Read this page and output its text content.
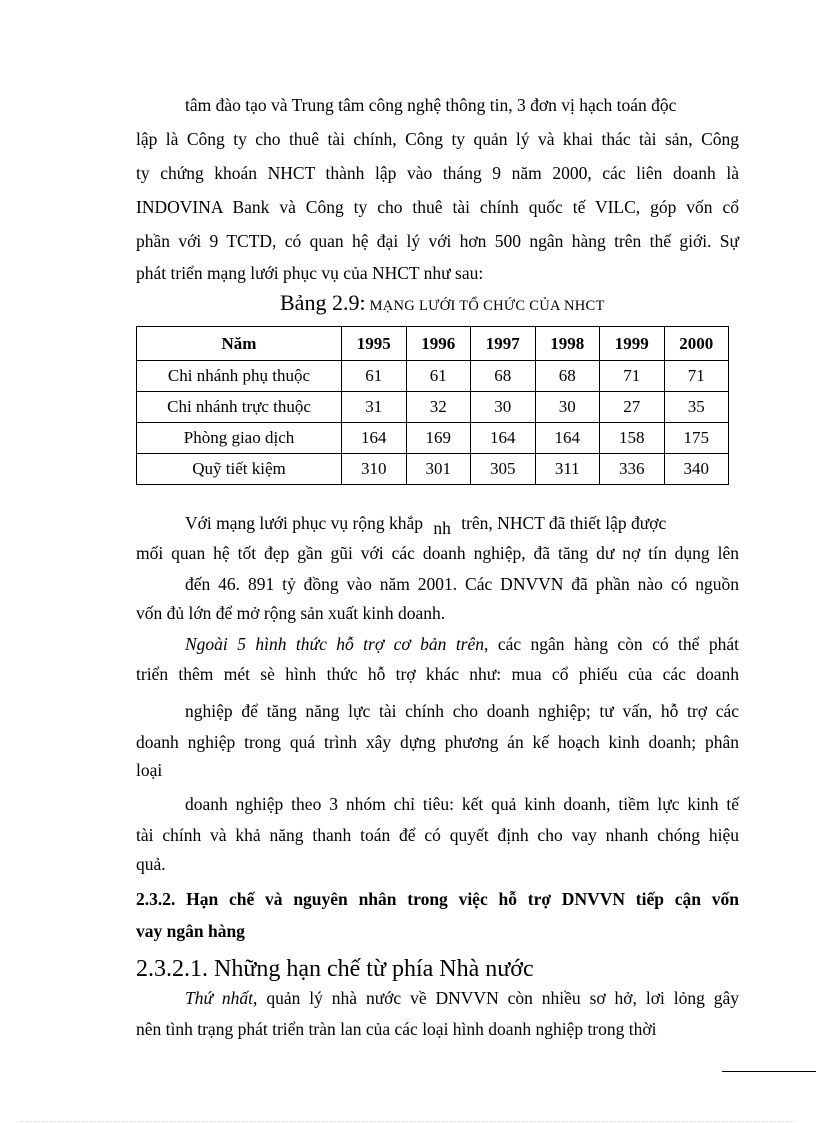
tâm đào tạo và Trung tâm công nghệ thông tin, 3 đơn vị hạch toán độc
lập là Công ty cho thuê tài chính, Công ty quản lý và khai thác tài sản, Công
ty chứng khoán NHCT thành lập vào tháng 9 năm 2000, các liên doanh là
INDOVINA Bank và Công ty cho thuê tài chính quốc tế VILC, góp vốn cổ
phần với 9 TCTD, có quan hệ đại lý với hơn 500 ngân hàng trên thế giới. Sự
phát triển mạng lưới phục vụ của NHCT như sau:
Bảng 2.9: MẠNG LƯỚI TỔ CHỨC CỦA NHCT
Năm	1995	1996	1997	1998	1999	2000
Chi nhánh phụ thuộc	61	61	68	68	71	71
Chi nhánh trực thuộc	31	32	30	30	27	35
Phòng giao dịch	164	169	164	164	158	175
Quỹ tiết kiệm	310	301	305	311	336	340
Với mạng lưới phục vụ rộng khắp nh trên, NHCT đã thiết lập được
mối quan hệ tốt đẹp gần gũi với các doanh nghiệp, đã tăng dư nợ tín dụng lên
đến 46. 891 tỷ đồng vào năm 2001. Các DNVVN đã phần nào có nguồn
vốn đủ lớn để mở rộng sản xuất kinh doanh.
Ngoài 5 hình thức hỗ trợ cơ bản trên, các ngân hàng còn có thể phát
triển thêm mét sè hình thức hỗ trợ khác như: mua cổ phiếu của các doanh
nghiệp để tăng năng lực tài chính cho doanh nghiệp; tư vấn, hỗ trợ các
doanh nghiệp trong quá trình xây dựng phương án kế hoạch kinh doanh; phân
loại
doanh nghiệp theo 3 nhóm chỉ tiêu: kết quả kinh doanh, tiềm lực kinh tế
tài chính và khả năng thanh toán để có quyết định cho vay nhanh chóng hiệu
quả.
2.3.2. Hạn chế và nguyên nhân trong việc hỗ trợ DNVVN tiếp cận vốn
vay ngân hàng
2.3.2.1. Những hạn chế từ phía Nhà nước
Thứ nhất, quản lý nhà nước về DNVVN còn nhiều sơ hở, lơi lỏng gây
nên tình trạng phát triển tràn lan của các loại hình doanh nghiệp trong thời
